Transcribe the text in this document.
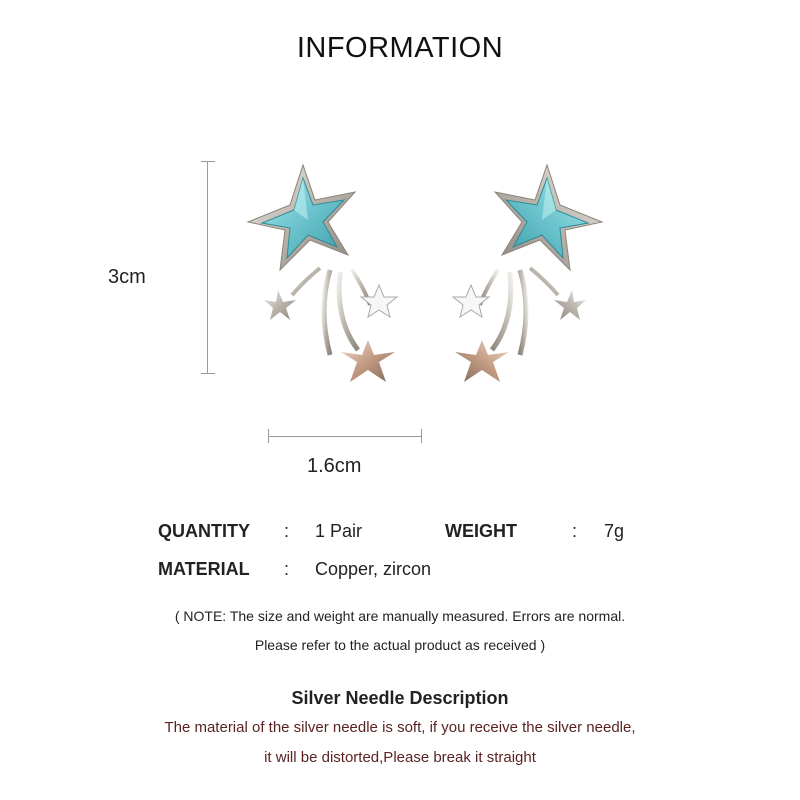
INFORMATION
3cm
1.6cm
QUANTITY : 1 Pair	WEIGHT	: 7g
MATERIAL : Copper, zircon
( NOTE: The size and weight are manually measured. Errors are normal.
Please refer to the actual product as received )
Silver Needle Description
The material of the silver needle is soft, if you receive the silver needle,
it will be distorted,Please break it straight
